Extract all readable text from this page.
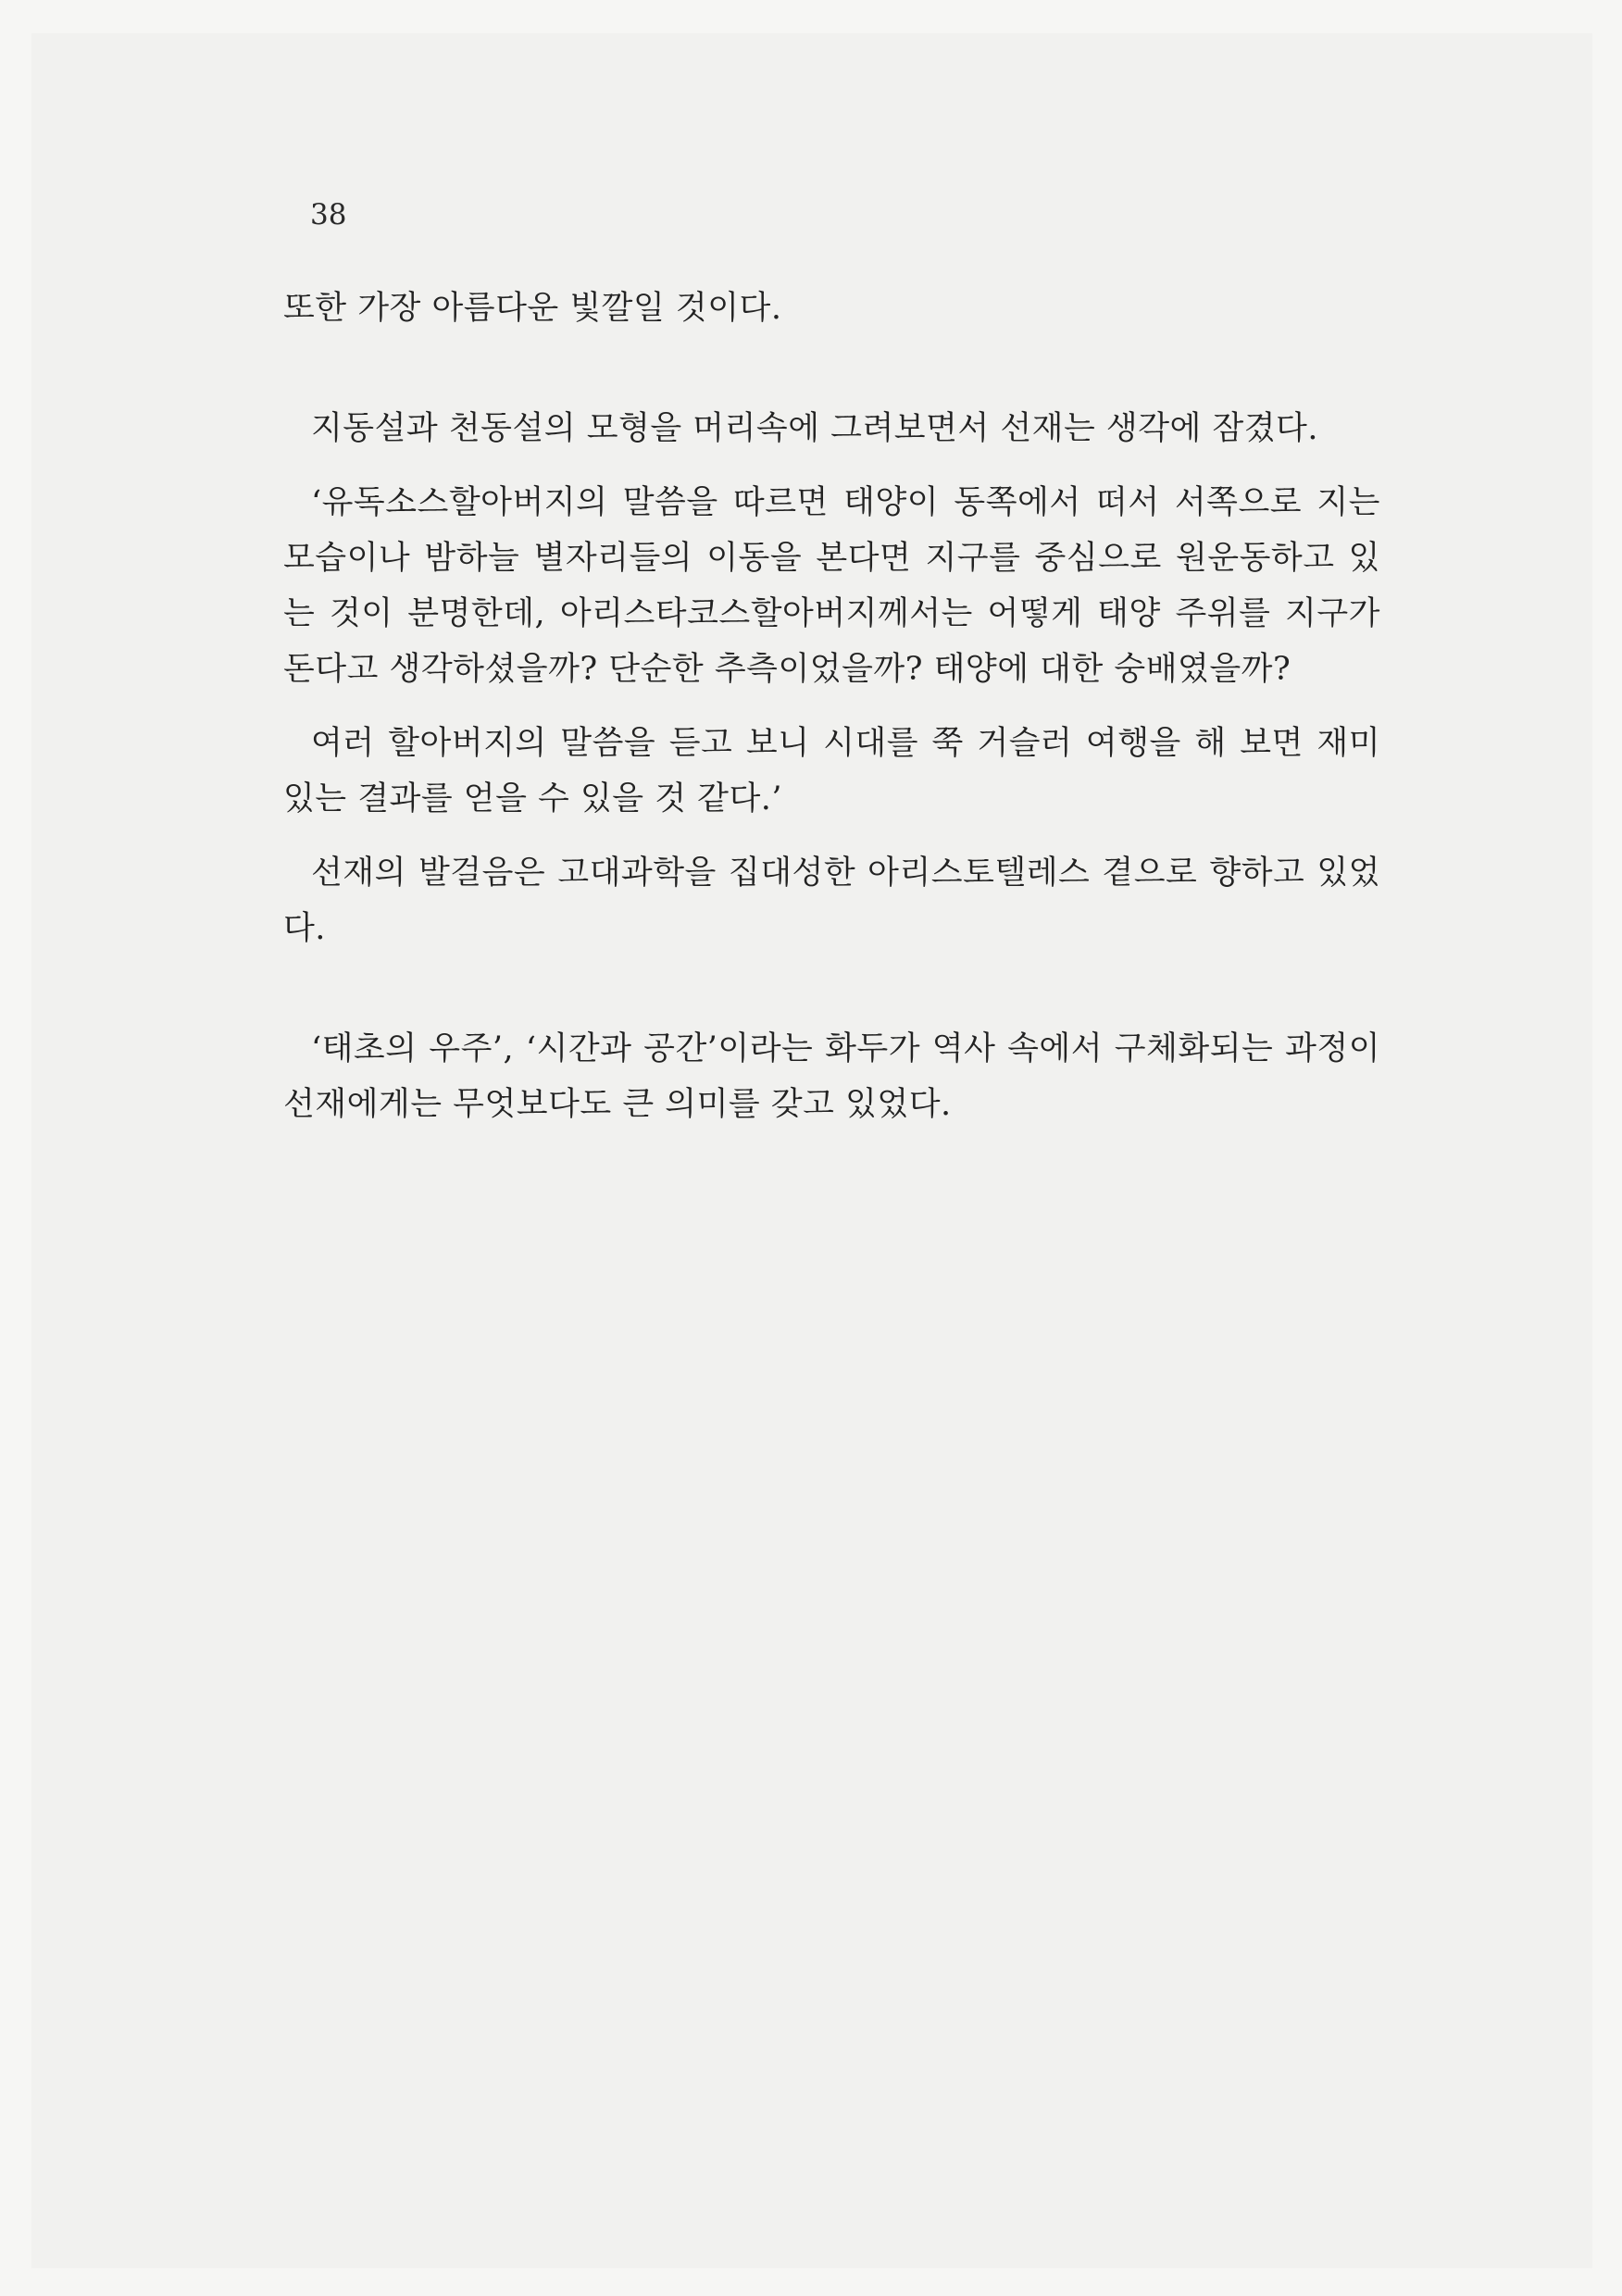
38

또한 가장 아름다운 빛깔일 것이다.

지동설과 천동설의 모형을 머리속에 그려보면서 선재는 생각에 잠겼다.

‘유독소스할아버지의 말씀을 따르면 태양이 동쪽에서 떠서 서쪽으로 지는 모습이나 밤하늘 별자리들의 이동을 본다면 지구를 중심으로 원운동하고 있는 것이 분명한데, 아리스타코스할아버지께서는 어떻게 태양 주위를 지구가 돈다고 생각하셨을까? 단순한 추측이었을까? 태양에 대한 숭배였을까?

여러 할아버지의 말씀을 듣고 보니 시대를 쭉 거슬러 여행을 해 보면 재미있는 결과를 얻을 수 있을 것 같다.’

선재의 발걸음은 고대과학을 집대성한 아리스토텔레스 곁으로 향하고 있었다.

‘태초의 우주’, ‘시간과 공간’이라는 화두가 역사 속에서 구체화되는 과정이 선재에게는 무엇보다도 큰 의미를 갖고 있었다.
